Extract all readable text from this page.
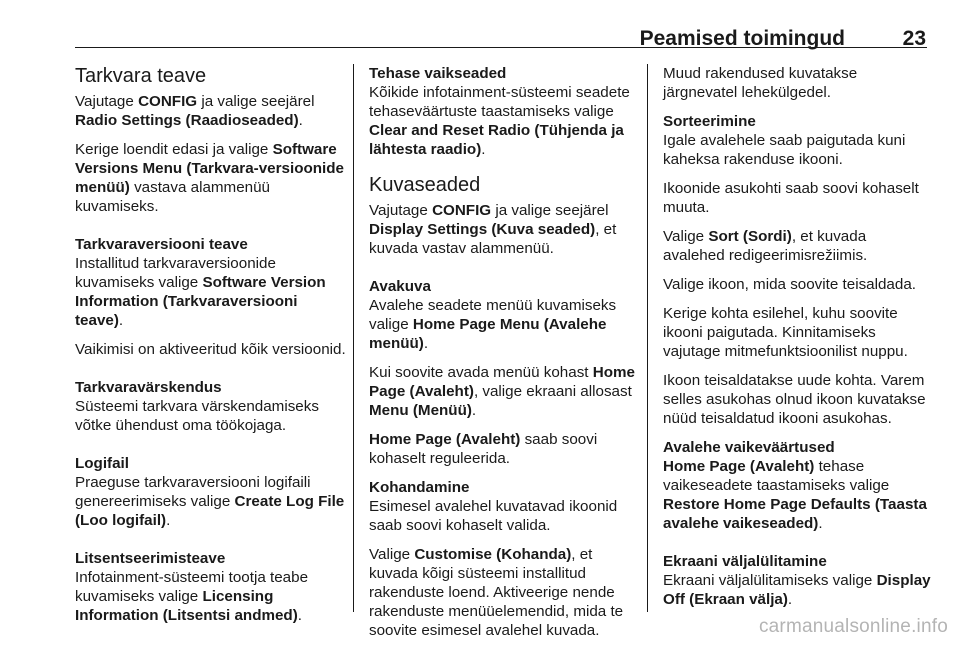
Peamised toimingud	23
Tarkvara teave

Vajutage CONFIG ja valige seejärel Radio Settings (Raadioseaded).

Kerige loendit edasi ja valige Software Versions Menu (Tarkvara-versioonide menüü) vastava alammenüü kuvamiseks.

Tarkvaraversiooni teave

Installitud tarkvaraversioonide kuvamiseks valige Software Version Information (Tarkvaraversiooni teave).

Vaikimisi on aktiveeritud kõik versioonid.

Tarkvaravärskendus

Süsteemi tarkvara värskendamiseks võtke ühendust oma töökojaga.

Logifail

Praeguse tarkvaraversiooni logifaili genereerimiseks valige Create Log File (Loo logifail).

Litsentseerimisteave

Infotainment-süsteemi tootja teabe kuvamiseks valige Licensing Information (Litsentsi andmed).

Tehase vaikseaded

Kõikide infotainment-süsteemi seadete tehaseväärtuste taastamiseks valige Clear and Reset Radio (Tühjenda ja lähtesta raadio).

Kuvaseaded

Vajutage CONFIG ja valige seejärel Display Settings (Kuva seaded), et kuvada vastav alammenüü.

Avakuva

Avalehe seadete menüü kuvamiseks valige Home Page Menu (Avalehe menüü).

Kui soovite avada menüü kohast Home Page (Avaleht), valige ekraani allosast Menu (Menüü).

Home Page (Avaleht) saab soovi kohaselt reguleerida.

Kohandamine

Esimesel avalehel kuvatavad ikoonid saab soovi kohaselt valida.

Valige Customise (Kohanda), et kuvada kõigi süsteemi installitud rakenduste loend. Aktiveerige nende rakenduste menüüelemendid, mida te soovite esimesel avalehel kuvada.

Muud rakendused kuvatakse järgnevatel lehekülgedel.

Sorteerimine

Igale avalehele saab paigutada kuni kaheksa rakenduse ikooni.

Ikoonide asukohti saab soovi kohaselt muuta.

Valige Sort (Sordi), et kuvada avalehed redigeerimisrežiimis.

Valige ikoon, mida soovite teisaldada.

Kerige kohta esilehel, kuhu soovite ikooni paigutada. Kinnitamiseks vajutage mitmefunktsioonilist nuppu.

Ikoon teisaldatakse uude kohta. Varem selles asukohas olnud ikoon kuvatakse nüüd teisaldatud ikooni asukohas.

Avalehe vaikeväärtused

Home Page (Avaleht) tehase vaikeseadete taastamiseks valige Restore Home Page Defaults (Taasta avalehe vaikeseaded).

Ekraani väljalülitamine

Ekraani väljalülitamiseks valige Display Off (Ekraan välja).

carmanualsonline.info
